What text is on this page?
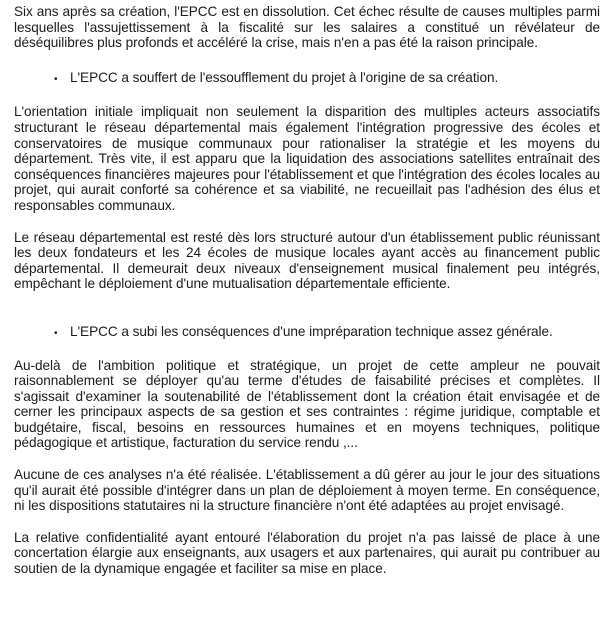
Six ans après sa création, l'EPCC est en dissolution. Cet échec résulte de causes multiples parmi lesquelles l'assujettissement à la fiscalité sur les salaires a constitué un révélateur de déséquilibres plus profonds et accéléré la crise, mais n'en a pas été la raison principale.

• L'EPCC a souffert de l'essoufflement du projet à l'origine de sa création.

L'orientation initiale impliquait non seulement la disparition des multiples acteurs associatifs structurant le réseau départemental mais également l'intégration progressive des écoles et conservatoires de musique communaux pour rationaliser la stratégie et les moyens du département. Très vite, il est apparu que la liquidation des associations satellites entraînait des conséquences financières majeures pour l'établissement et que l'intégration des écoles locales au projet, qui aurait conforté sa cohérence et sa viabilité, ne recueillait pas l'adhésion des élus et responsables communaux.

Le réseau départemental est resté dès lors structuré autour d'un établissement public réunissant les deux fondateurs et les 24 écoles de musique locales ayant accès au financement public départemental. Il demeurait deux niveaux d'enseignement musical finalement peu intégrés, empêchant le déploiement d'une mutualisation départementale efficiente.

• L'EPCC a subi les conséquences d'une impréparation technique assez générale.

Au-delà de l'ambition politique et stratégique, un projet de cette ampleur ne pouvait raisonnablement se déployer qu'au terme d'études de faisabilité précises et complètes. Il s'agissait d'examiner la soutenabilité de l'établissement dont la création était envisagée et de cerner les principaux aspects de sa gestion et ses contraintes : régime juridique, comptable et budgétaire, fiscal, besoins en ressources humaines et en moyens techniques, politique pédagogique et artistique, facturation du service rendu ,...

Aucune de ces analyses n'a été réalisée. L'établissement a dû gérer au jour le jour des situations qu'il aurait été possible d'intégrer dans un plan de déploiement à moyen terme. En conséquence, ni les dispositions statutaires ni la structure financière n'ont été adaptées au projet envisagé.

La relative confidentialité ayant entouré l'élaboration du projet n'a pas laissé de place à une concertation élargie aux enseignants, aux usagers et aux partenaires, qui aurait pu contribuer au soutien de la dynamique engagée et faciliter sa mise en place.
